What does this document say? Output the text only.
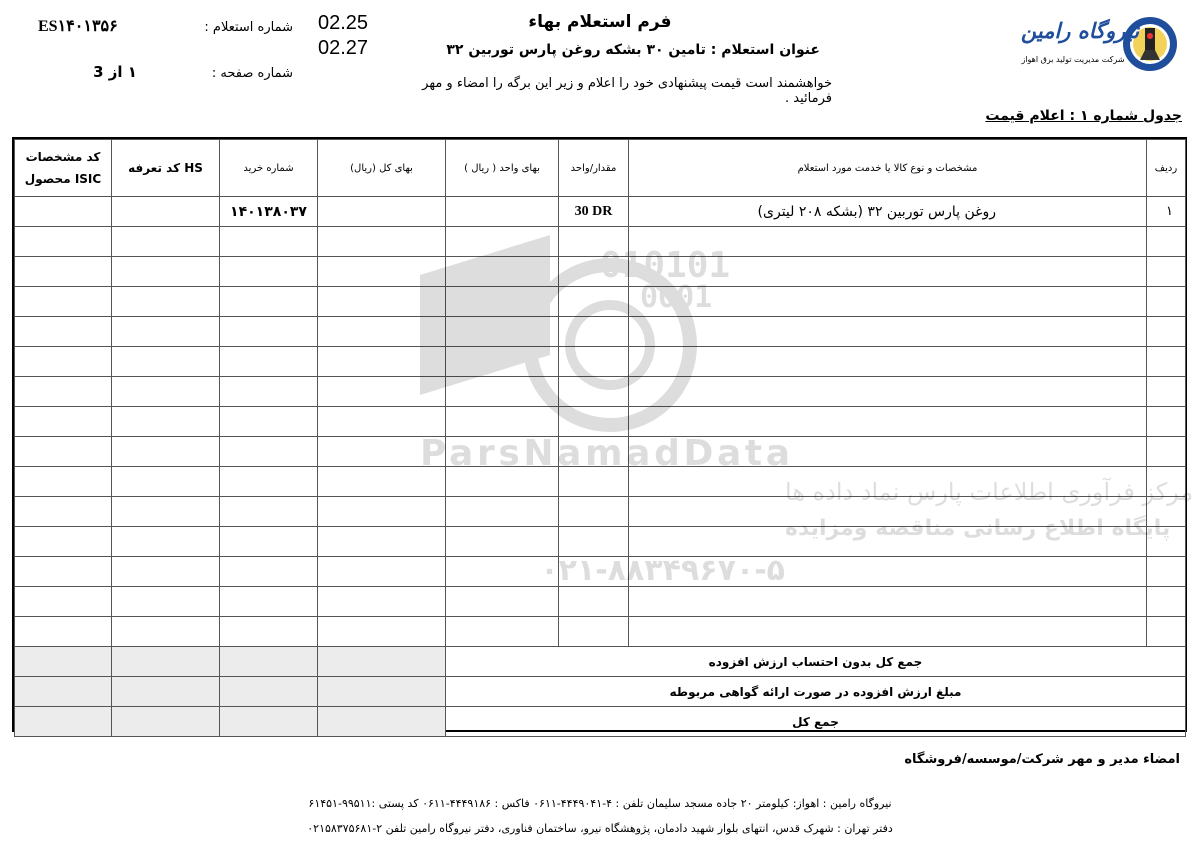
نیروگاه رامین
شرکت مدیریت تولید برق اهواز
فرم استعلام بهاء
عنوان استعلام : تامین ۳۰ بشکه روغن پارس توربین ۳۲
خواهشمند است قیمت پیشنهادی خود را اعلام و زیر این برگه را امضاء و مهر فرمائید .
شماره استعلام :
ES۱۴۰۱۳۵۶	02.25
02.27
شماره صفحه :
۱ از 3
جدول شماره ۱ : اعلام قیمت
کد مشخصات محصول ISIC	کد تعرفه HS	شماره خرید	بهای کل (ریال)	بهای واحد ( ریال )	مقدار/واحد	مشخصات و نوع کالا یا خدمت مورد استعلام	ردیف
		۱۴۰۱۳۸۰۳۷			30 DR	روغن پارس توربین ۳۲ (بشکه ۲۰۸ لیتری)	۱

				جمع کل بدون احتساب ارزش افزوده			
				مبلغ ارزش افزوده در صورت ارائه گواهی مربوطه			
				جمع کل			
010101
0001
ParsNamadData
مرکز فرآوری اطلاعات پارس نماد داده ها
پایگاه اطلاع رسانی مناقصه ومزایده
۰۲۱-۸۸۳۴۹۶۷۰-۵
امضاء مدیر و مهر شرکت/موسسه/فروشگاه
نیروگاه رامین : اهواز: کیلومتر ۲۰ جاده مسجد سلیمان تلفن : ۴-۴۴۴۹۰۴۱-۰۶۱۱ فاکس : ۴۴۴۹۱۸۶-۰۶۱۱ کد پستی :۹۹۵۱۱-۶۱۴۵۱
دفتر تهران : شهرک قدس، انتهای بلوار شهید دادمان، پژوهشگاه نیرو، ساختمان فناوری، دفتر نیروگاه رامین تلفن ۲-۰۲۱۵۸۳۷۵۶۸۱
